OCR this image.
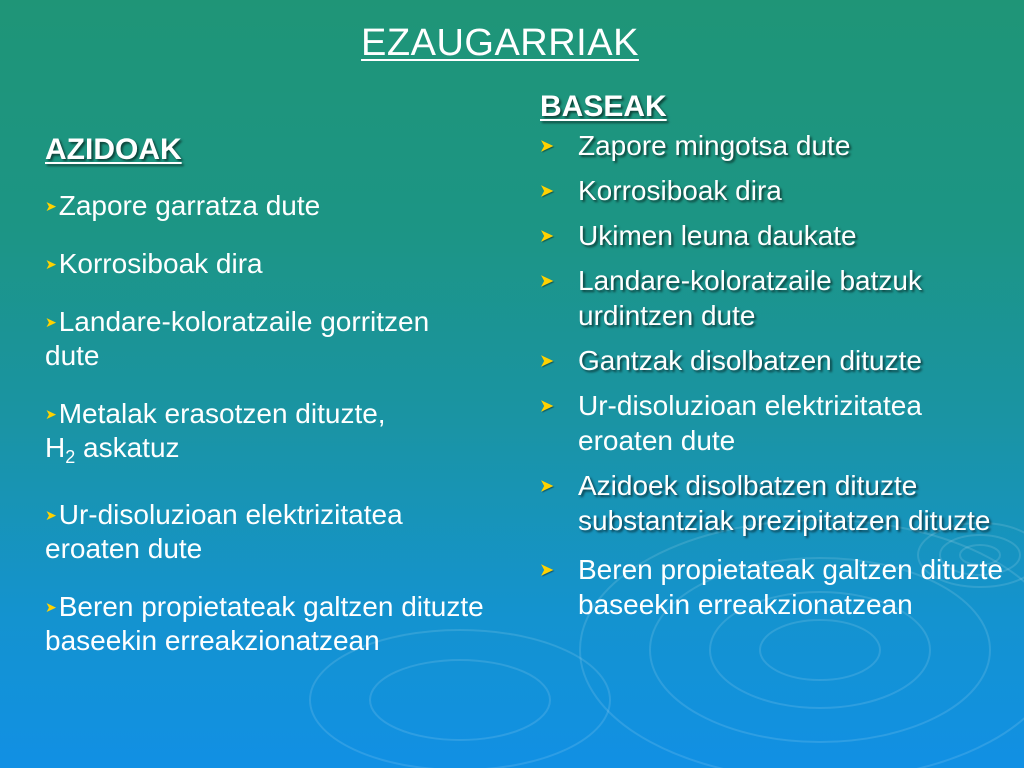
EZAUGARRIAK
AZIDOAK
➤Zapore garratza dute
➤Korrosiboak dira
➤Landare-koloratzaile gorritzen dute
➤Metalak erasotzen dituzte,
$H_2$ askatuz
➤Ur-disoluzioan elektrizitatea eroaten dute
➤Beren propietateak galtzen dituzte baseekin erreakzionatzean
BASEAK
➤ Zapore mingotsa dute
➤ Korrosiboak dira
➤ Ukimen leuna daukate
➤ Landare-koloratzaile batzuk urdintzen dute
➤ Gantzak disolbatzen dituzte
➤ Ur-disoluzioan elektrizitatea eroaten dute
➤ Azidoek disolbatzen dituzte substantziak prezipitatzen dituzte
➤ Beren propietateak galtzen dituzte baseekin erreakzionatzean
